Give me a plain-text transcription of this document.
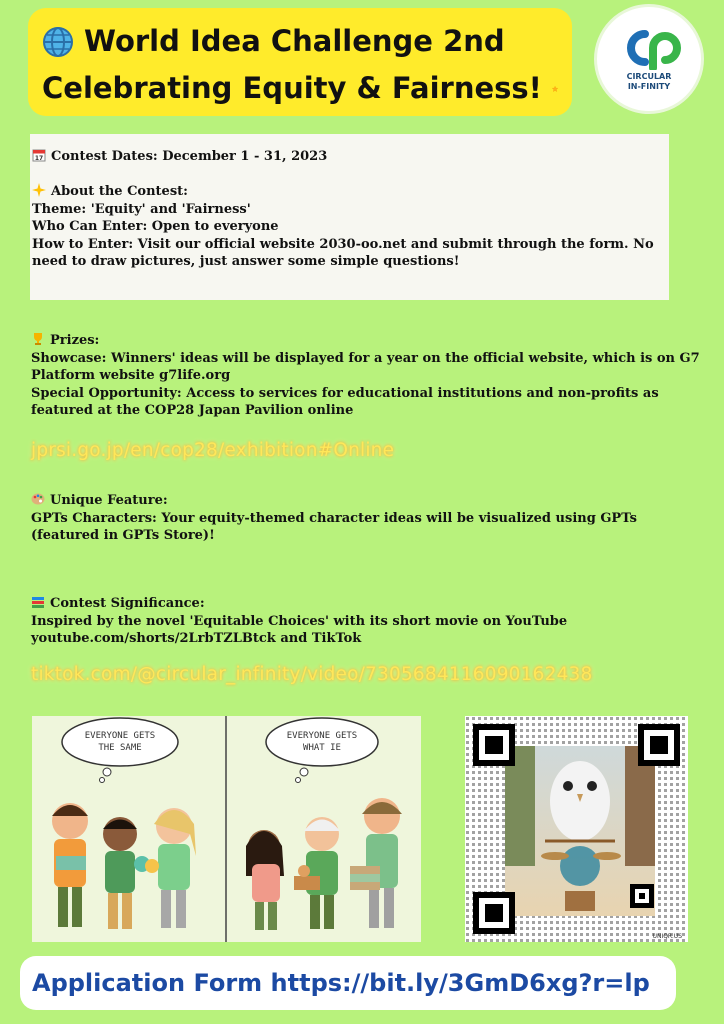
World Idea Challenge 2nd
Celebrating Equity & Fairness!	CIRCULAR
IN-FINITY
17 Contest Dates: December 1 - 31, 2023
About the Contest:
Theme: 'Equity' and 'Fairness'
Who Can Enter: Open to everyone
How to Enter: Visit our official website 2030-oo.net and submit through the form. No need to draw pictures, just answer some simple questions!
Prizes:
Showcase: Winners' ideas will be displayed for a year on the official website, which is on G7 Platform website g7life.org
Special Opportunity: Access to services for educational institutions and non-profits as featured at the COP28 Japan Pavilion online
jprsi.go.jp/en/cop28/exhibition#Online
Unique Feature:
GPTs Characters: Your equity-themed character ideas will be visualized using GPTs (featured in GPTs Store)!
Contest Significance:
Inspired by the novel 'Equitable Choices' with its short movie on YouTube youtube.com/shorts/2LrbTZLBtck and TikTok
tiktok.com/@circular_infinity/video/7305684116090162438
EVERYONE GETS
THE SAME
EVERYONE GETS
WHAT IE
UNIQR.US
Application Form https://bit.ly/3GmD6xg?r=lp
